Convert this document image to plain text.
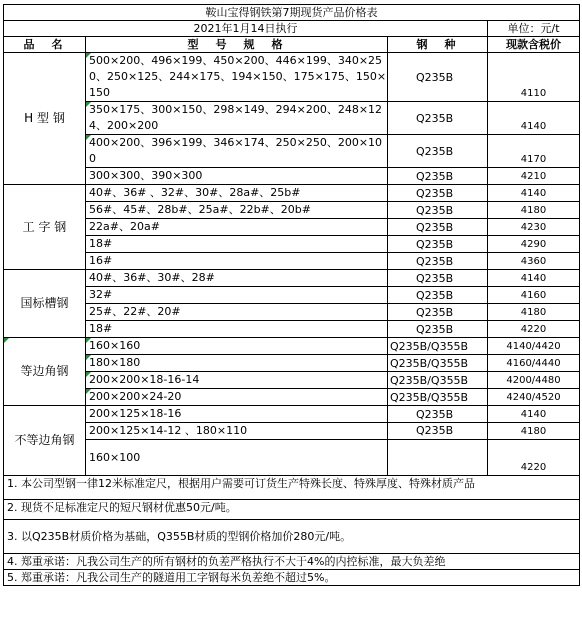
鞍山宝得钢铁第7期现货产品价格表			
2021年1月14日执行			单位：元/t
品　名	型　号　规　格	钢　种	现款含税价
H 型 钢	500×200、496×199、450×200、446×199、340×250、250×125、244×175、194×150、175×175、150×150	Q235B	4110
	350×175、300×150、298×149、294×200、248×124、200×200	Q235B	4140
	400×200、396×199、346×174、250×250、200×100	Q235B	4170
	300×300、390×300	Q235B	4210
工 字 钢	40#、36# 、32#、30#、28a#、25b#	Q235B	4140
	56#、45#、28b#、25a#、22b#、20b#	Q235B	4180
	22a#、20a#	Q235B	4230
	18#	Q235B	4290
	16#	Q235B	4360
国标槽钢	40#、36#、30#、28#	Q235B	4140
	32#	Q235B	4160
	25#、22#、20#	Q235B	4180
	18#	Q235B	4220
等边角钢	160×160	Q235B/Q355B	4140/4420
	180×180	Q235B/Q355B	4160/4440
	200×200×18-16-14	Q235B/Q355B	4200/4480
	200×200×24-20	Q235B/Q355B	4240/4520
不等边角钢	200×125×18-16	Q235B	4140
	200×125×14-12 、180×110	Q235B	4180
	160×100		4220
1. 本公司型钢一律12米标准定尺，根据用户需要可订货生产特殊长度、特殊厚度、特殊材质产品			
2. 现货不足标准定尺的短尺钢材优惠50元/吨。			
3. 以Q235B材质价格为基础，Q355B材质的型钢价格加价280元/吨。			
4. 郑重承诺：凡我公司生产的所有钢材的负差严格执行不大于4%的内控标准，最大负差绝			
5. 郑重承诺：凡我公司生产的隧道用工字钢每米负差绝不超过5%。			
